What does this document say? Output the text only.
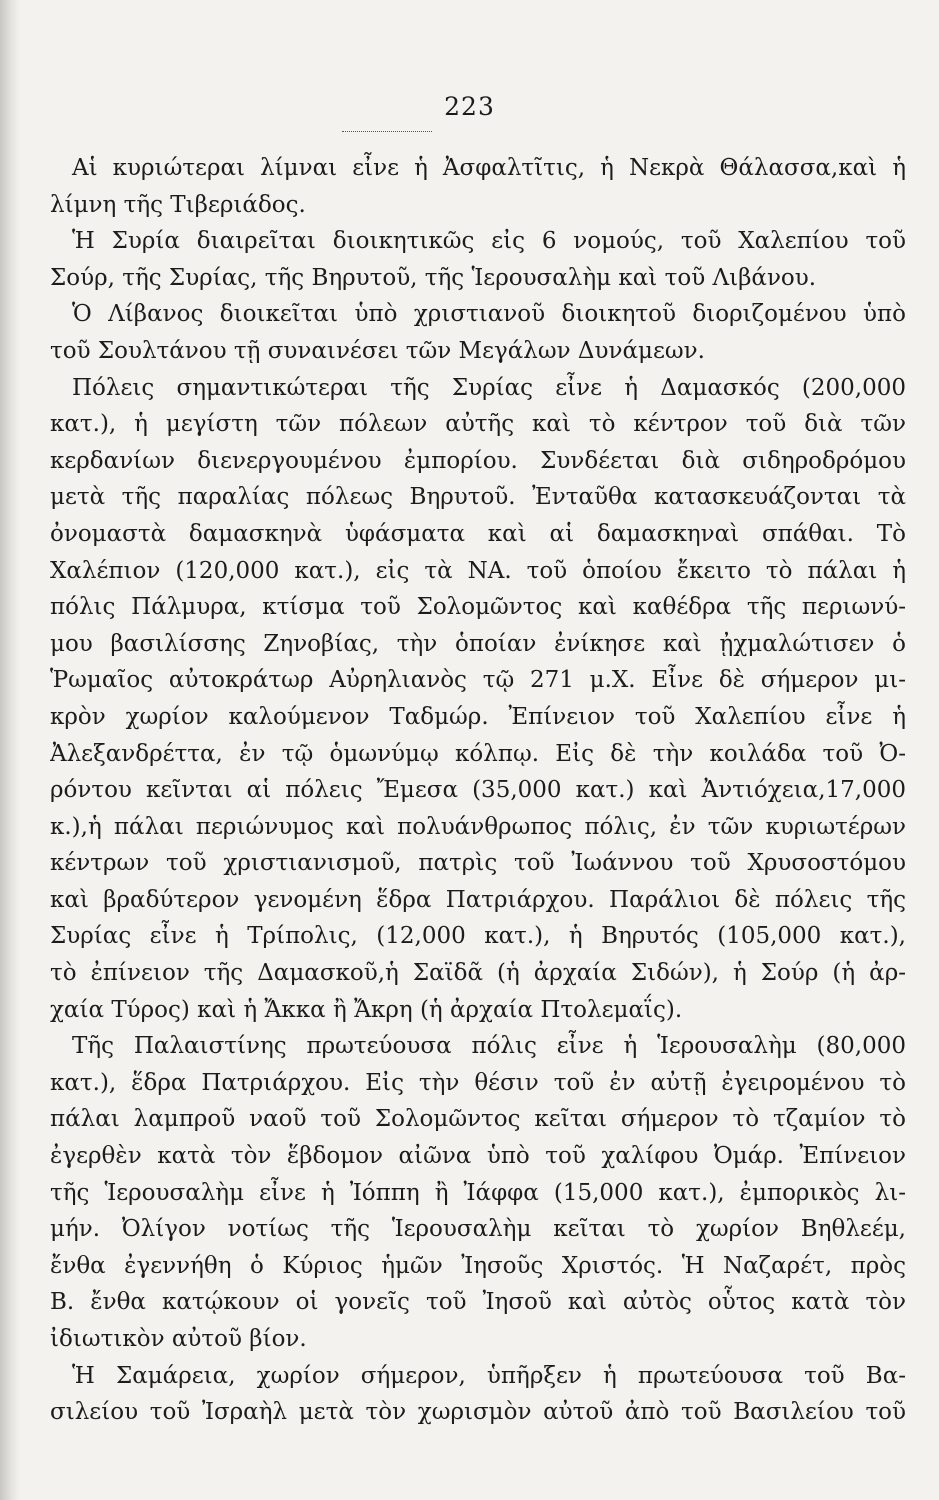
223
Αἱ κυριώτεραι λίμναι εἶνε ἡ Ἀσφαλτῖτις, ἡ Νεκρὰ Θάλασσα,καὶ ἡ
λίμνη τῆς Τιβεριάδος.
Ἡ Συρία διαιρεῖται διοικητικῶς εἰς 6 νομούς, τοῦ Χαλεπίου τοῦ
Σούρ, τῆς Συρίας, τῆς Βηρυτοῦ, τῆς Ἱερουσαλὴμ καὶ τοῦ Λιβάνου.
Ὁ Λίβανος διοικεῖται ὑπὸ χριστιανοῦ διοικητοῦ διοριζομένου ὑπὸ
τοῦ Σουλτάνου τῇ συναινέσει τῶν Μεγάλων Δυνάμεων.
Πόλεις σημαντικώτεραι τῆς Συρίας εἶνε ἡ Δαμασκός (200,000
κατ.), ἡ μεγίστη τῶν πόλεων αὐτῆς καὶ τὸ κέντρον τοῦ διὰ τῶν
κερδανίων διενεργουμένου ἐμπορίου. Συνδέεται διὰ σιδηροδρόμου
μετὰ τῆς παραλίας πόλεως Βηρυτοῦ. Ἐνταῦθα κατασκευάζονται τὰ
ὀνομαστὰ δαμασκηνὰ ὑφάσματα καὶ αἱ δαμασκηναὶ σπάθαι. Τὸ
Χαλέπιον (120,000 κατ.), εἰς τὰ ΝΑ. τοῦ ὁποίου ἔκειτο τὸ πάλαι ἡ
πόλις Πάλμυρα, κτίσμα τοῦ Σολομῶντος καὶ καθέδρα τῆς περιωνύ-
μου βασιλίσσης Ζηνοβίας, τὴν ὁποίαν ἐνίκησε καὶ ᾐχμαλώτισεν ὁ
Ῥωμαῖος αὐτοκράτωρ Αὐρηλιανὸς τῷ 271 μ.Χ. Εἶνε δὲ σήμερον μι-
κρὸν χωρίον καλούμενον Ταδμώρ. Ἐπίνειον τοῦ Χαλεπίου εἶνε ἡ
Ἀλεξανδρέττα, ἐν τῷ ὁμωνύμῳ κόλπῳ. Εἰς δὲ τὴν κοιλάδα τοῦ Ὀ-
ρόντου κεῖνται αἱ πόλεις Ἔμεσα (35,000 κατ.) καὶ Ἀντιόχεια,17,000
κ.),ἡ πάλαι περιώνυμος καὶ πολυάνθρωπος πόλις, ἐν τῶν κυριωτέρων
κέντρων τοῦ χριστιανισμοῦ, πατρὶς τοῦ Ἰωάννου τοῦ Χρυσοστόμου
καὶ βραδύτερον γενομένη ἕδρα Πατριάρχου. Παράλιοι δὲ πόλεις τῆς
Συρίας εἶνε ἡ Τρίπολις, (12,000 κατ.), ἡ Βηρυτός (105,000 κατ.),
τὸ ἐπίνειον τῆς Δαμασκοῦ,ἡ Σαϊδᾶ (ἡ ἀρχαία Σιδών), ἡ Σούρ (ἡ ἀρ-
χαία Τύρος) καὶ ἡ Ἄκκα ἢ Ἄκρη (ἡ ἀρχαία Πτολεμαΐς).
Τῆς Παλαιστίνης πρωτεύουσα πόλις εἶνε ἡ Ἱερουσαλὴμ (80,000
κατ.), ἕδρα Πατριάρχου. Εἰς τὴν θέσιν τοῦ ἐν αὐτῇ ἐγειρομένου τὸ
πάλαι λαμπροῦ ναοῦ τοῦ Σολομῶντος κεῖται σήμερον τὸ τζαμίον τὸ
ἐγερθὲν κατὰ τὸν ἕβδομον αἰῶνα ὑπὸ τοῦ χαλίφου Ὀμάρ. Ἐπίνειον
τῆς Ἱερουσαλὴμ εἶνε ἡ Ἰόππη ἢ Ἰάφφα (15,000 κατ.), ἐμπορικὸς λι-
μήν. Ὀλίγον νοτίως τῆς Ἱερουσαλὴμ κεῖται τὸ χωρίον Βηθλεέμ,
ἔνθα ἐγεννήθη ὁ Κύριος ἡμῶν Ἰησοῦς Χριστός. Ἡ Ναζαρέτ, πρὸς
Β. ἔνθα κατῴκουν οἱ γονεῖς τοῦ Ἰησοῦ καὶ αὐτὸς οὗτος κατὰ τὸν
ἰδιωτικὸν αὐτοῦ βίον.
Ἡ Σαμάρεια, χωρίον σήμερον, ὑπῆρξεν ἡ πρωτεύουσα τοῦ Βα-
σιλείου τοῦ Ἰσραὴλ μετὰ τὸν χωρισμὸν αὐτοῦ ἀπὸ τοῦ Βασιλείου τοῦ
